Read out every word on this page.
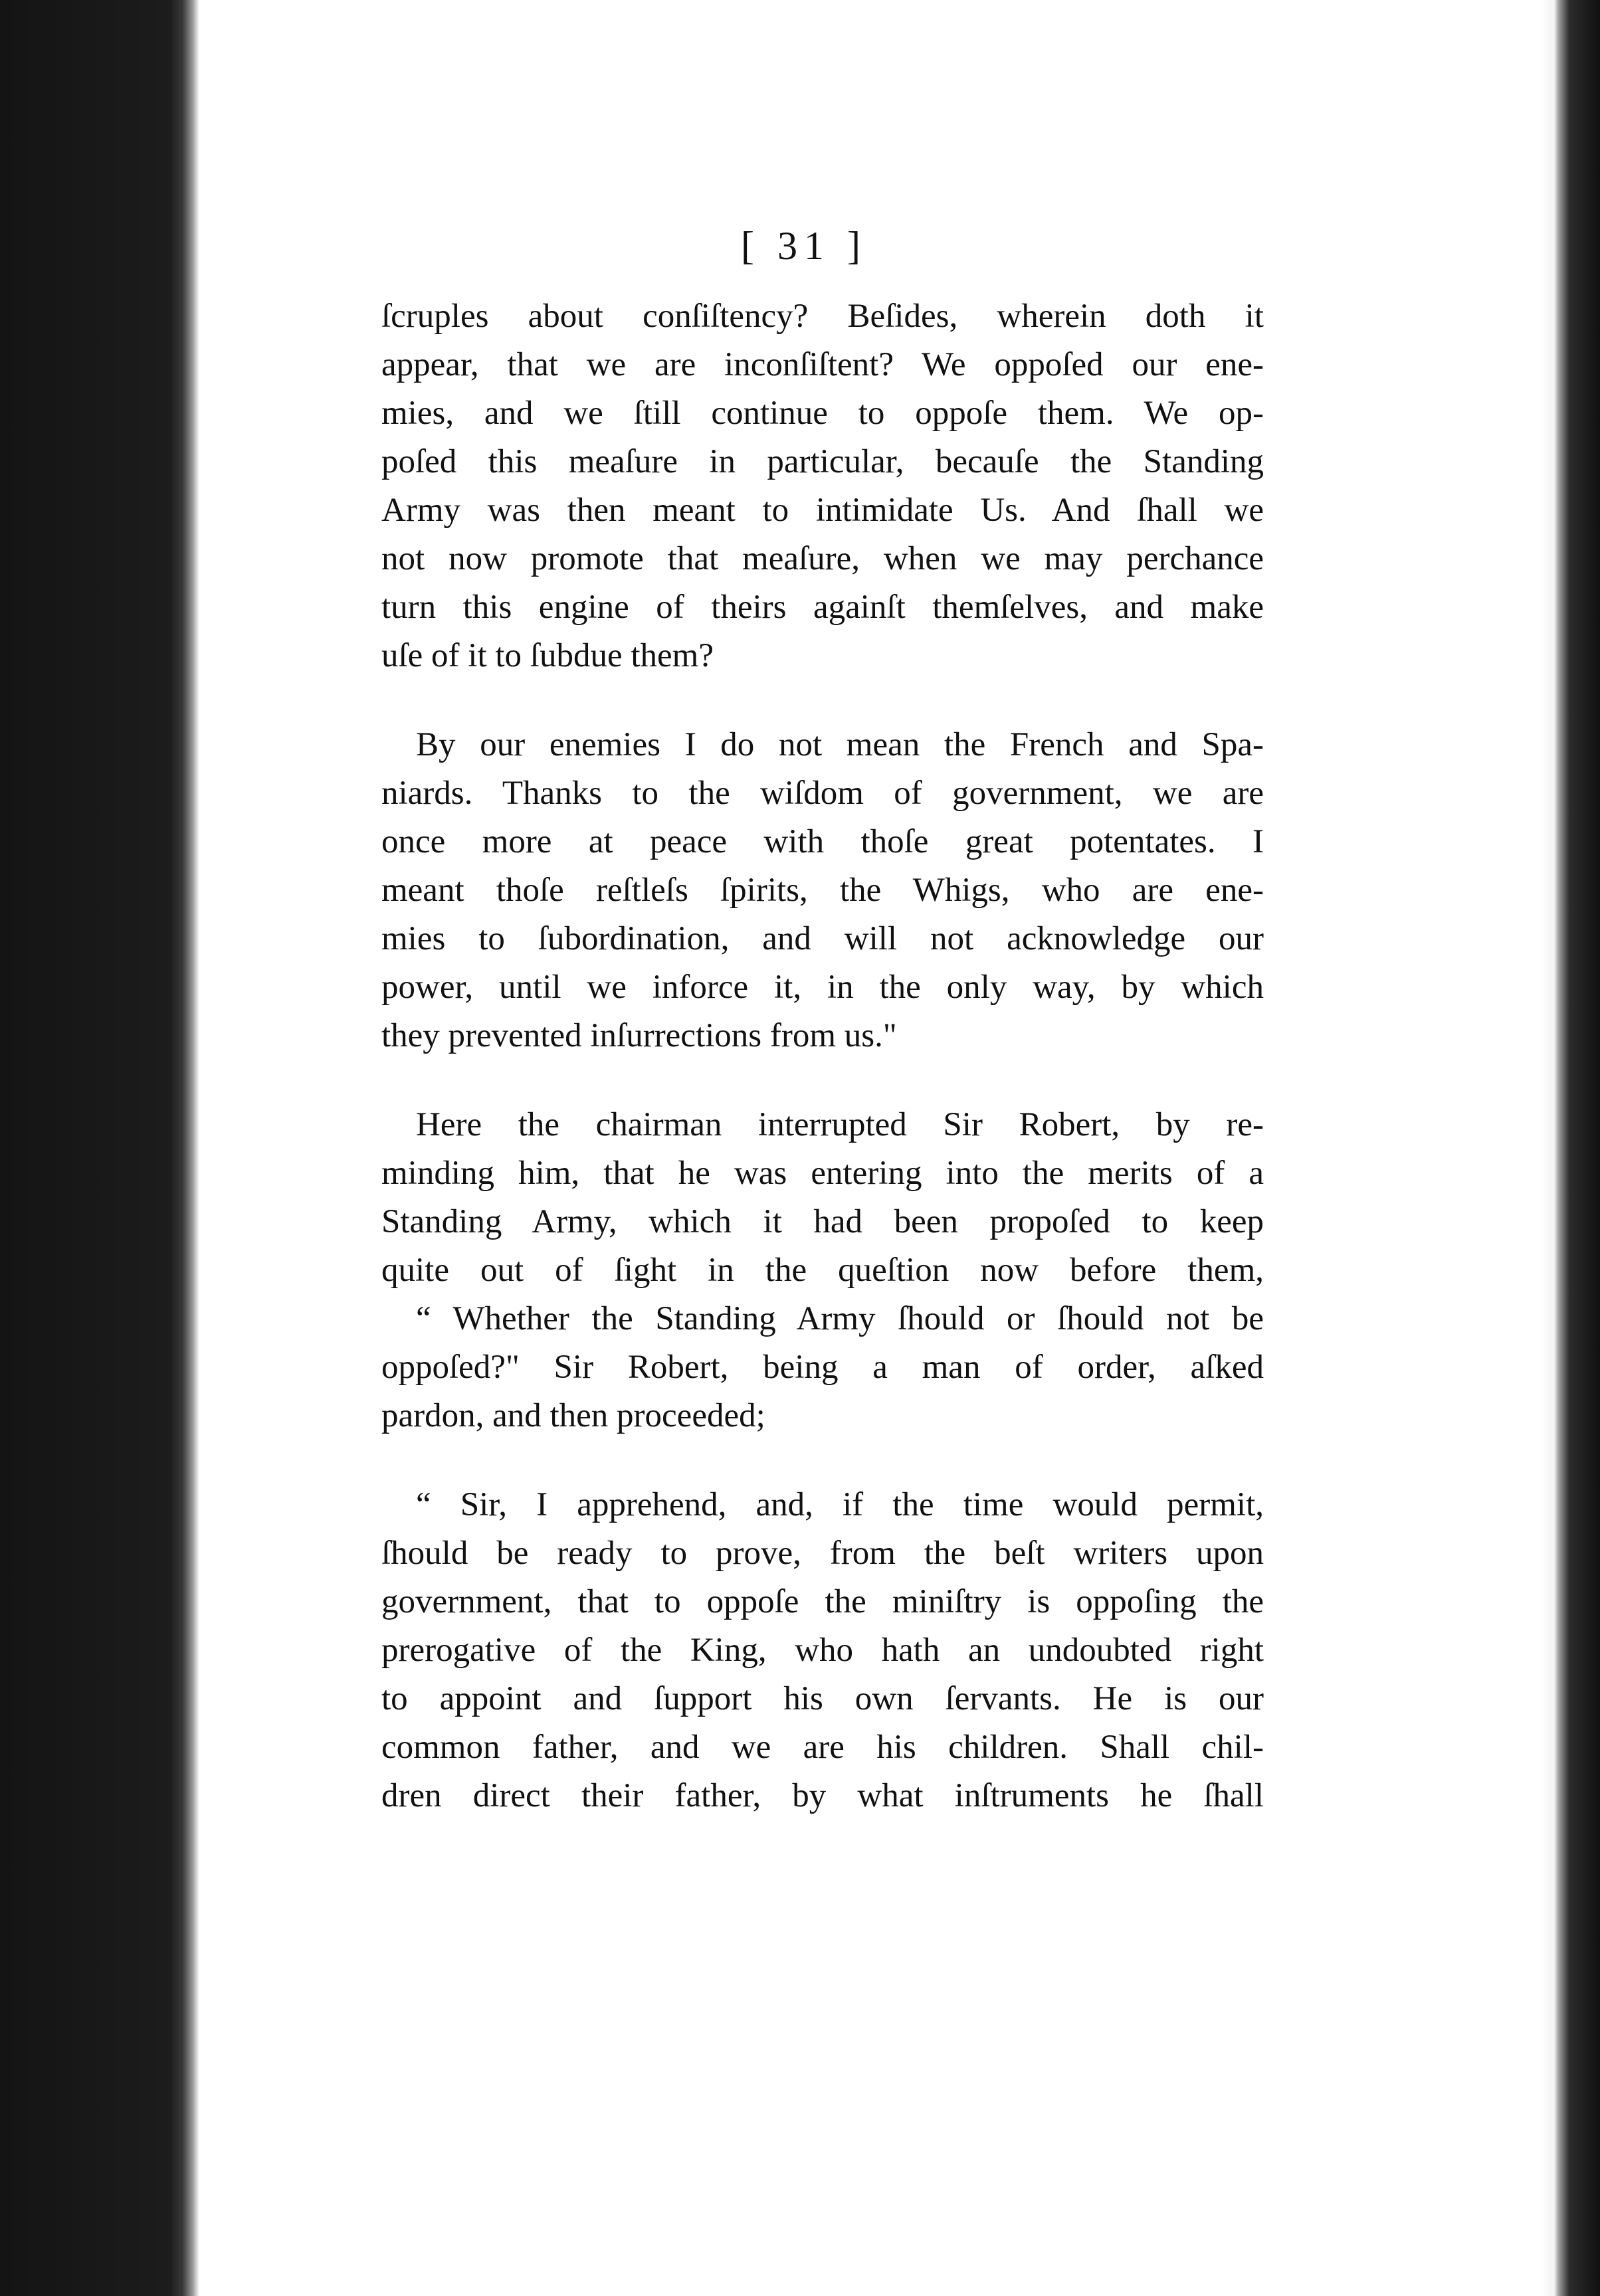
[ 31 ]
ſcruples about conſiſtency? Beſides, wherein doth it
appear, that we are inconſiſtent? We oppoſed our ene-
mies, and we ſtill continue to oppoſe them. We op-
poſed this meaſure in particular, becauſe the Standing
Army was then meant to intimidate Us. And ſhall we
not now promote that meaſure, when we may perchance
turn this engine of theirs againſt themſelves, and make
uſe of it to ſubdue them?
By our enemies I do not mean the French and Spa-
niards. Thanks to the wiſdom of government, we are
once more at peace with thoſe great potentates. I
meant thoſe reſtleſs ſpirits, the Whigs, who are ene-
mies to ſubordination, and will not acknowledge our
power, until we inforce it, in the only way, by which
they prevented inſurrections from us."
Here the chairman interrupted Sir Robert, by re-
minding him, that he was entering into the merits of a
Standing Army, which it had been propoſed to keep
quite out of ſight in the queſtion now before them,
“ Whether the Standing Army ſhould or ſhould not be
oppoſed?" Sir Robert, being a man of order, aſked
pardon, and then proceeded;
“ Sir, I apprehend, and, if the time would permit,
ſhould be ready to prove, from the beſt writers upon
government, that to oppoſe the miniſtry is oppoſing the
prerogative of the King, who hath an undoubted right
to appoint and ſupport his own ſervants. He is our
common father, and we are his children. Shall chil-
dren direct their father, by what inſtruments he ſhall
